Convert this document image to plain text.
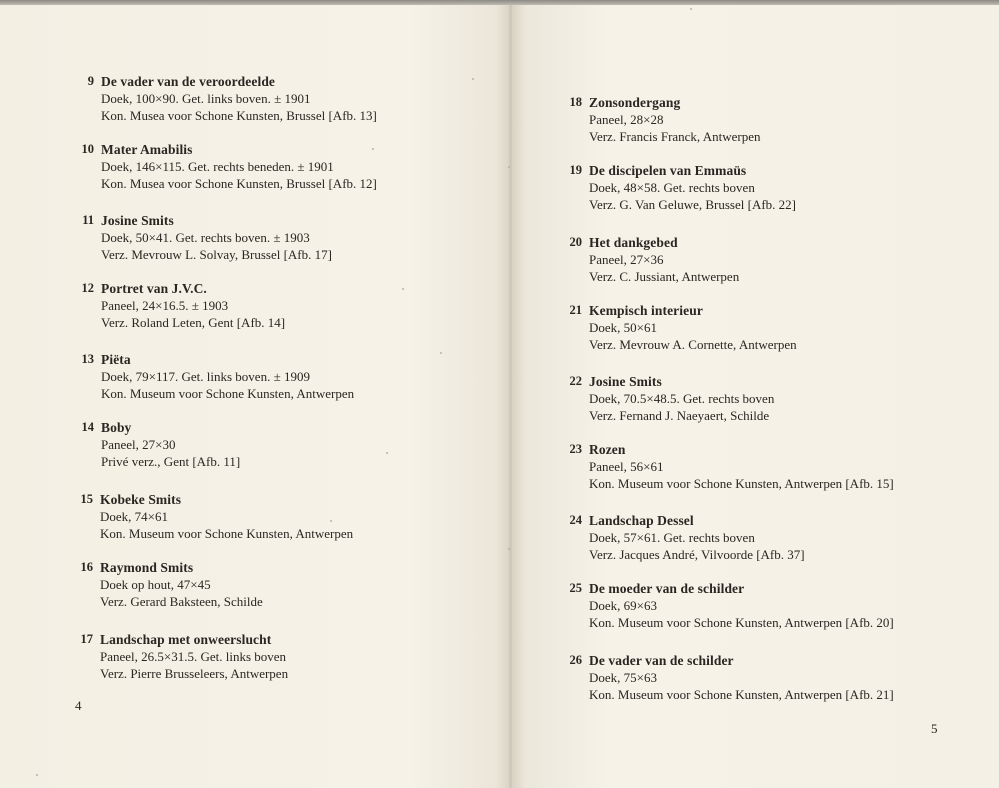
9 De vader van de veroordeelde
Doek, 100×90. Get. links boven. ± 1901
Kon. Musea voor Schone Kunsten, Brussel [Afb. 13]
10 Mater Amabilis
Doek, 146×115. Get. rechts beneden. ± 1901
Kon. Musea voor Schone Kunsten, Brussel [Afb. 12]
11 Josine Smits
Doek, 50×41. Get. rechts boven. ± 1903
Verz. Mevrouw L. Solvay, Brussel [Afb. 17]
12 Portret van J.V.C.
Paneel, 24×16.5. ± 1903
Verz. Roland Leten, Gent [Afb. 14]
13 Piëta
Doek, 79×117. Get. links boven. ± 1909
Kon. Museum voor Schone Kunsten, Antwerpen
14 Boby
Paneel, 27×30
Privé verz., Gent [Afb. 11]
15 Kobeke Smits
Doek, 74×61
Kon. Museum voor Schone Kunsten, Antwerpen
16 Raymond Smits
Doek op hout, 47×45
Verz. Gerard Baksteen, Schilde
17 Landschap met onweerslucht
Paneel, 26.5×31.5. Get. links boven
Verz. Pierre Brusseleers, Antwerpen
4
18 Zonsondergang
Paneel, 28×28
Verz. Francis Franck, Antwerpen
19 De discipelen van Emmaüs
Doek, 48×58. Get. rechts boven
Verz. G. Van Geluwe, Brussel [Afb. 22]
20 Het dankgebed
Paneel, 27×36
Verz. C. Jussiant, Antwerpen
21 Kempisch interieur
Doek, 50×61
Verz. Mevrouw A. Cornette, Antwerpen
22 Josine Smits
Doek, 70.5×48.5. Get. rechts boven
Verz. Fernand J. Naeyaert, Schilde
23 Rozen
Paneel, 56×61
Kon. Museum voor Schone Kunsten, Antwerpen [Afb. 15]
24 Landschap Dessel
Doek, 57×61. Get. rechts boven
Verz. Jacques André, Vilvoorde [Afb. 37]
25 De moeder van de schilder
Doek, 69×63
Kon. Museum voor Schone Kunsten, Antwerpen [Afb. 20]
26 De vader van de schilder
Doek, 75×63
Kon. Museum voor Schone Kunsten, Antwerpen [Afb. 21]
5
